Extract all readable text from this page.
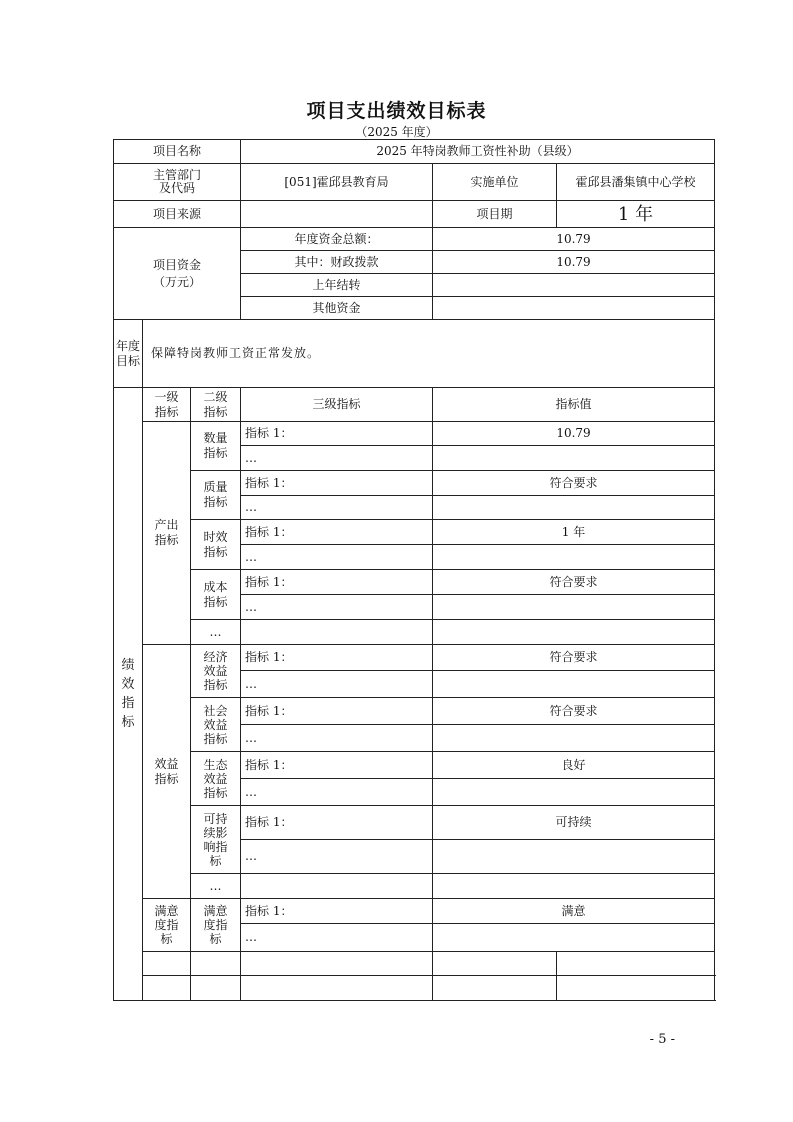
项目支出绩效目标表
（2025 年度）
项目名称			2025 年特岗教师工资性补助（县级）		
主管部门
及代码			[051]霍邱县教育局	实施单位	霍邱县潘集镇中心学校
项目来源				项目期	1 年
项目资金
（万元）			年度资金总额：	10.79	
			其中：财政拨款	10.79	
			上年结转		
			其他资金		
年度目标	保障特岗教师工资正常发放。				
绩效指标	一级指标	二级指标	三级指标	指标值	
	产出指标	数量指标	指标 1：	10.79	
			…		
		质量指标	指标 1：	符合要求	
			…		
		时效指标	指标 1：	1 年	
			…		
		成本指标	指标 1：	符合要求	
			…		
		…			
	效益指标	经济效益指标	指标 1：	符合要求	
			…		
		社会效益指标	指标 1：	符合要求	
			…		
		生态效益指标	指标 1：	良好	
			…		
		可持续影响指标	指标 1：	可持续	
			…		
		…			
	满意度指标	满意度指标	指标 1：	满意	
			…		

- 5 -
